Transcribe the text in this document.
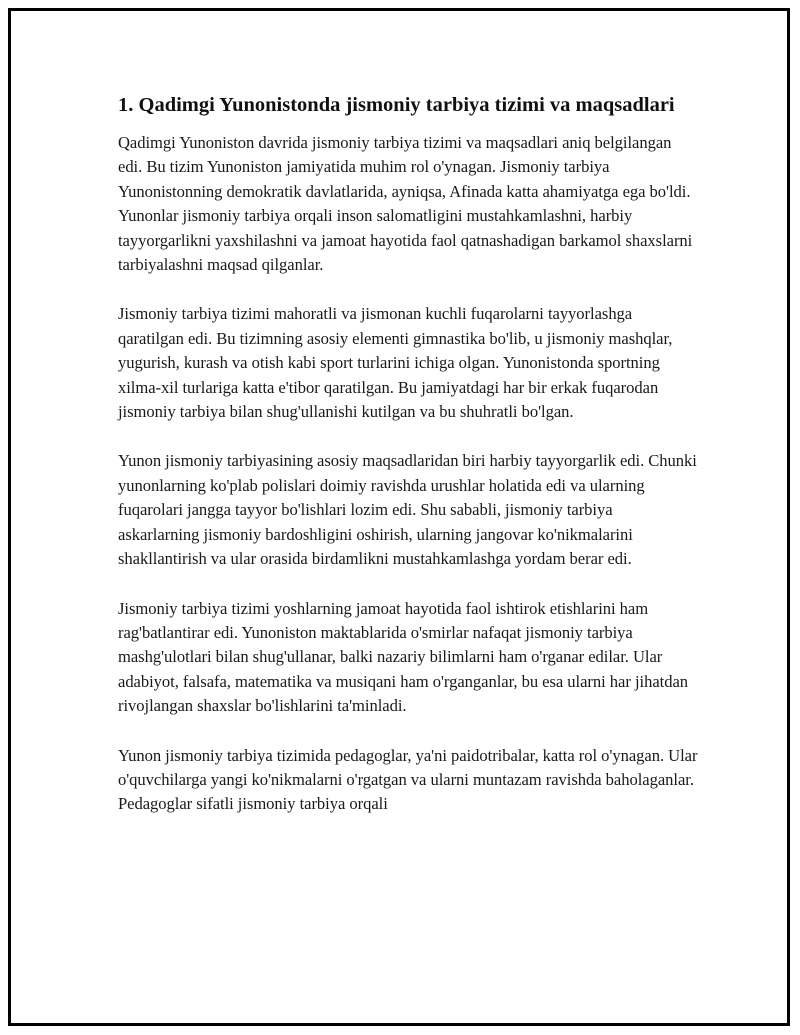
1. Qadimgi Yunonistonda jismoniy tarbiya tizimi va maqsadlari

Qadimgi Yunoniston davrida jismoniy tarbiya tizimi va maqsadlari aniq belgilangan edi. Bu tizim Yunoniston jamiyatida muhim rol o'ynagan. Jismoniy tarbiya Yunonistonning demokratik davlatlarida, ayniqsa, Afinada katta ahamiyatga ega bo'ldi. Yunonlar jismoniy tarbiya orqali inson salomatligini mustahkamlashni, harbiy tayyorgarlikni yaxshilashni va jamoat hayotida faol qatnashadigan barkamol shaxslarni tarbiyalashni maqsad qilganlar.

Jismoniy tarbiya tizimi mahoratli va jismonan kuchli fuqarolarni tayyorlashga qaratilgan edi. Bu tizimning asosiy elementi gimnastika bo'lib, u jismoniy mashqlar, yugurish, kurash va otish kabi sport turlarini ichiga olgan. Yunonistonda sportning xilma-xil turlariga katta e'tibor qaratilgan. Bu jamiyatdagi har bir erkak fuqarodan jismoniy tarbiya bilan shug'ullanishi kutilgan va bu shuhratli bo'lgan.

Yunon jismoniy tarbiyasining asosiy maqsadlaridan biri harbiy tayyorgarlik edi. Chunki yunonlarning ko'plab polislari doimiy ravishda urushlar holatida edi va ularning fuqarolari jangga tayyor bo'lishlari lozim edi. Shu sababli, jismoniy tarbiya askarlarning jismoniy bardoshligini oshirish, ularning jangovar ko'nikmalarini shakllantirish va ular orasida birdamlikni mustahkamlashga yordam berar edi.

Jismoniy tarbiya tizimi yoshlarning jamoat hayotida faol ishtirok etishlarini ham rag'batlantirar edi. Yunoniston maktablarida o'smirlar nafaqat jismoniy tarbiya mashg'ulotlari bilan shug'ullanar, balki nazariy bilimlarni ham o'rganar edilar. Ular adabiyot, falsafa, matematika va musiqani ham o'rganganlar, bu esa ularni har jihatdan rivojlangan shaxslar bo'lishlarini ta'minladi.

Yunon jismoniy tarbiya tizimida pedagoglar, ya'ni paidotribalar, katta rol o'ynagan. Ular o'quvchilarga yangi ko'nikmalarni o'rgatgan va ularni muntazam ravishda baholaganlar. Pedagoglar sifatli jismoniy tarbiya orqali
